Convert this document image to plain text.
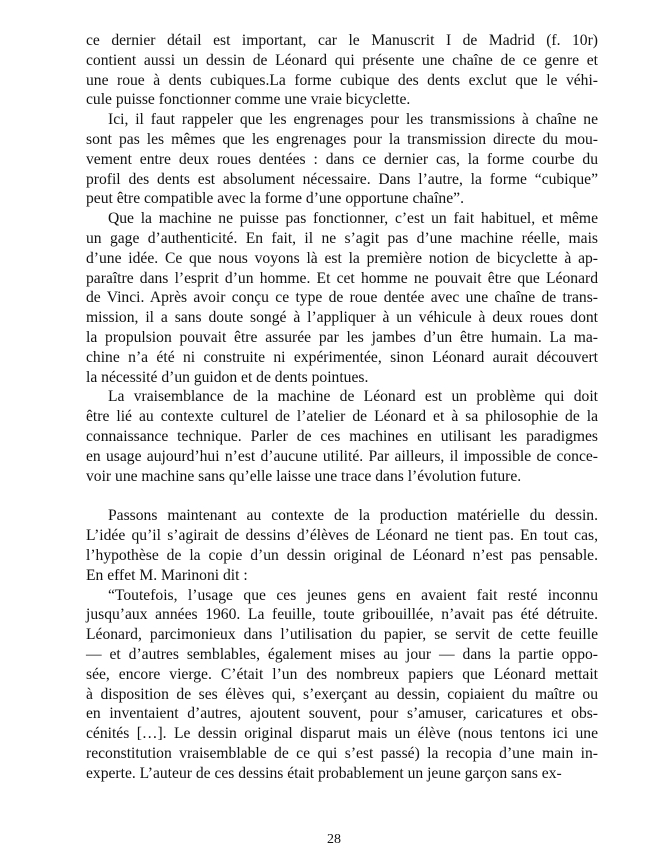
ce dernier détail est important, car le Manuscrit I de Madrid (f. 10r)
contient aussi un dessin de Léonard qui présente une chaîne de ce genre et
une roue à dents cubiques.La forme cubique des dents exclut que le véhi-
cule puisse fonctionner comme une vraie bicyclette.
Ici, il faut rappeler que les engrenages pour les transmissions à chaîne ne
sont pas les mêmes que les engrenages pour la transmission directe du mou-
vement entre deux roues dentées : dans ce dernier cas, la forme courbe du
profil des dents est absolument nécessaire. Dans l’autre, la forme “cubique”
peut être compatible avec la forme d’une opportune chaîne”.
Que la machine ne puisse pas fonctionner, c’est un fait habituel, et même
un gage d’authenticité. En fait, il ne s’agit pas d’une machine réelle, mais
d’une idée. Ce que nous voyons là est la première notion de bicyclette à ap-
paraître dans l’esprit d’un homme. Et cet homme ne pouvait être que Léonard
de Vinci. Après avoir conçu ce type de roue dentée avec une chaîne de trans-
mission, il a sans doute songé à l’appliquer à un véhicule à deux roues dont
la propulsion pouvait être assurée par les jambes d’un être humain. La ma-
chine n’a été ni construite ni expérimentée, sinon Léonard aurait découvert
la nécessité d’un guidon et de dents pointues.
La vraisemblance de la machine de Léonard est un problème qui doit
être lié au contexte culturel de l’atelier de Léonard et à sa philosophie de la
connaissance technique. Parler de ces machines en utilisant les paradigmes
en usage aujourd’hui n’est d’aucune utilité. Par ailleurs, il impossible de conce-
voir une machine sans qu’elle laisse une trace dans l’évolution future.
Passons maintenant au contexte de la production matérielle du dessin.
L’idée qu’il s’agirait de dessins d’élèves de Léonard ne tient pas. En tout cas,
l’hypothèse de la copie d’un dessin original de Léonard n’est pas pensable.
En effet M. Marinoni dit :
“Toutefois, l’usage que ces jeunes gens en avaient fait resté inconnu
jusqu’aux années 1960. La feuille, toute gribouillée, n’avait pas été détruite.
Léonard, parcimonieux dans l’utilisation du papier, se servit de cette feuille
— et d’autres semblables, également mises au jour — dans la partie oppo-
sée, encore vierge. C’était l’un des nombreux papiers que Léonard mettait
à disposition de ses élèves qui, s’exerçant au dessin, copiaient du maître ou
en inventaient d’autres, ajoutent souvent, pour s’amuser, caricatures et obs-
cénités […]. Le dessin original disparut mais un élève (nous tentons ici une
reconstitution vraisemblable de ce qui s’est passé) la recopia d’une main in-
experte. L’auteur de ces dessins était probablement un jeune garçon sans ex-
28
